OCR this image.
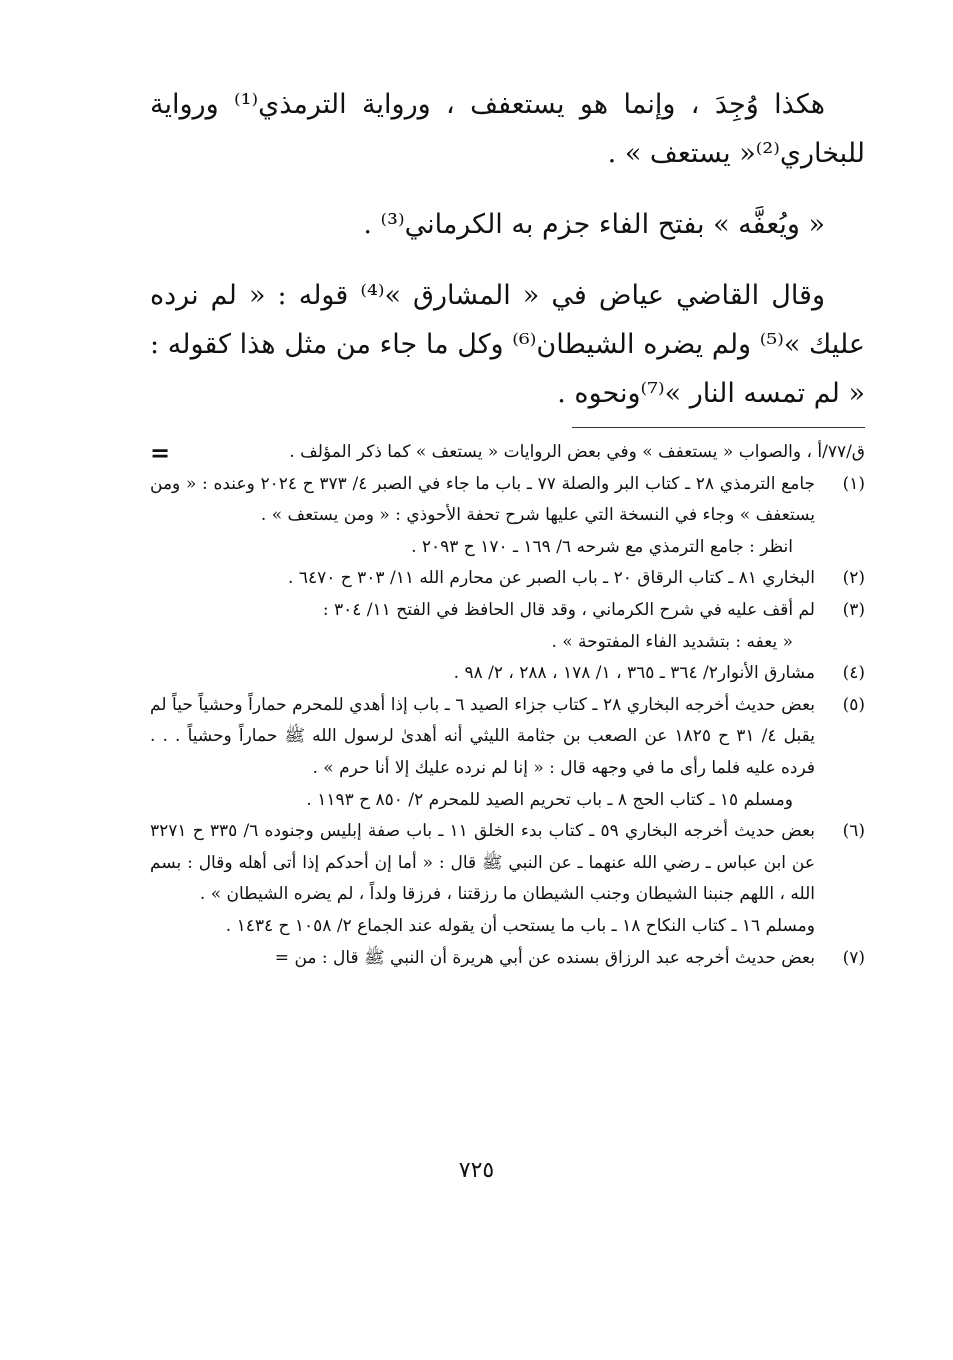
هكذا وُجِدَ ، وإنما هو يستعفف ، ورواية الترمذي⁽¹⁾ ورواية للبخاري⁽²⁾« يستعف » .

« ويُعفَّه » بفتح الفاء جزم به الكرماني⁽³⁾ .

وقال القاضي عياض في « المشارق »⁽⁴⁾ قوله : « لم نرده عليك »⁽⁵⁾ ولم يضره الشيطان⁽⁶⁾ وكل ما جاء من مثل هذا كقوله : « لم تمسه النار »⁽⁷⁾ونحوه .

ق/٧٧/أ ، والصواب « يستعفف » وفي بعض الروايات « يستعف » كما ذكر المؤلف .
=
(١)
جامع الترمذي ٢٨ ـ كتاب البر والصلة ٧٧ ـ باب ما جاء في الصبر ٤/ ٣٧٣ ح ٢٠٢٤ وعنده : « ومن يستعفف » وجاء في النسخة التي عليها شرح تحفة الأحوذي : « ومن يستعف » .
انظر : جامع الترمذي مع شرحه ٦/ ١٦٩ ـ ١٧٠ ح ٢٠٩٣ .
(٢)
البخاري ٨١ ـ كتاب الرقاق ٢٠ ـ باب الصبر عن محارم الله ١١/ ٣٠٣ ح ٦٤٧٠ .
(٣)
لم أقف عليه في شرح الكرماني ، وقد قال الحافظ في الفتح ١١/ ٣٠٤ :
« يعفه : بتشديد الفاء المفتوحة » .
(٤)
مشارق الأنوار٢/ ٣٦٤ ـ ٣٦٥ ، ١/ ١٧٨ ، ٢٨٨ ، ٢/ ٩٨ .
(٥)
بعض حديث أخرجه البخاري ٢٨ ـ كتاب جزاء الصيد ٦ ـ باب إذا أهدي للمحرم حماراً وحشياً حياً لم يقبل ٤/ ٣١ ح ١٨٢٥ عن الصعب بن جثامة الليثي أنه أهدىٰ لرسول الله ﷺ حماراً وحشياً . . . فرده عليه فلما رأى ما في وجهه قال : « إنا لم نرده عليك إلا أنا حرم » .
ومسلم ١٥ ـ كتاب الحج ٨ ـ باب تحريم الصيد للمحرم ٢/ ٨٥٠ ح ١١٩٣ .
(٦)
بعض حديث أخرجه البخاري ٥٩ ـ كتاب بدء الخلق ١١ ـ باب صفة إبليس وجنوده ٦/ ٣٣٥ ح ٣٢٧١ عن ابن عباس ـ رضي الله عنهما ـ عن النبي ﷺ قال : « أما إن أحدكم إذا أتى أهله وقال : بسم الله ، اللهم جنبنا الشيطان وجنب الشيطان ما رزقتنا ، فرزقا ولداً ، لم يضره الشيطان » .
ومسلم ١٦ ـ كتاب النكاح ١٨ ـ باب ما يستحب أن يقوله عند الجماع ٢/ ١٠٥٨ ح ١٤٣٤ .
(٧)
بعض حديث أخرجه عبد الرزاق بسنده عن أبي هريرة أن النبي ﷺ قال : من =
٧٢٥
